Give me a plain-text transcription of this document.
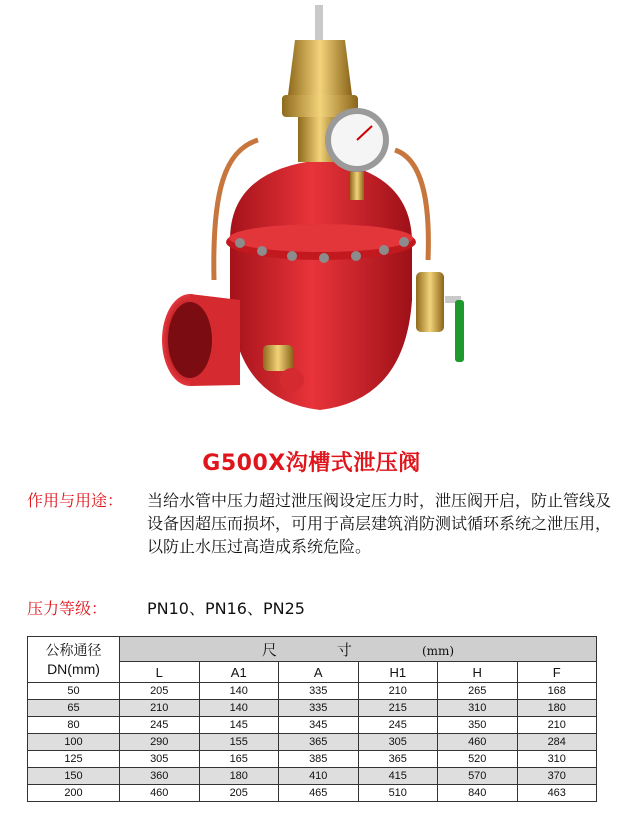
G500X沟槽式泄压阀
作用与用途：	当给水管中压力超过泄压阀设定压力时，泄压阀开启，防止管线及设备因超压而损坏，可用于高层建筑消防测试循环系统之泄压用，以防止水压过高造成系统危险。
压力等级： PN10、PN16、PN25
公称通径
DN(mm)	尺寸 (mm)					
	L	A1	A	H1	H	F
50	205	140	335	210	265	168
65	210	140	335	215	310	180
80	245	145	345	245	350	210
100	290	155	365	305	460	284
125	305	165	385	365	520	310
150	360	180	410	415	570	370
200	460	205	465	510	840	463
